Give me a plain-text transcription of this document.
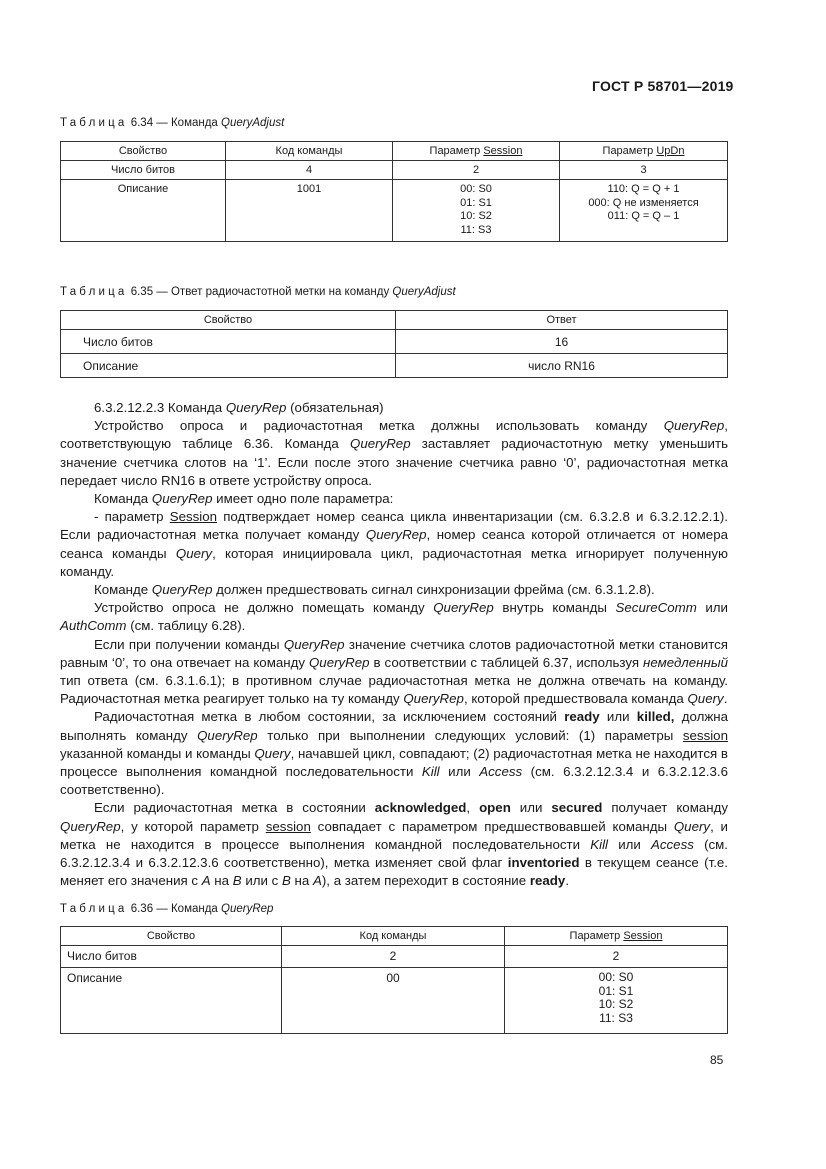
ГОСТ Р 58701—2019
Таблица 6.34 — Команда QueryAdjust
Свойство	Код команды	Параметр Session	Параметр UpDn
Число битов	4	2	3
Описание	1001	00: S0
01: S1
10: S2
11: S3	110: Q = Q + 1
000: Q не изменяется
011: Q = Q – 1
Таблица 6.35 — Ответ радиочастотной метки на команду QueryAdjust
Свойство	Ответ
Число битов	16
Описание	число RN16

6.3.2.12.2.3 Команда QueryRep (обязательная)

Устройство опроса и радиочастотная метка должны использовать команду QueryRep, соответствующую таблице 6.36. Команда QueryRep заставляет радиочастотную метку уменьшить значение счетчика слотов на ‘1’. Если после этого значение счетчика равно ‘0’, радиочастотная метка передает число RN16 в ответе устройству опроса.

Команда QueryRep имеет одно поле параметра:

- параметр Session подтверждает номер сеанса цикла инвентаризации (см. 6.3.2.8 и 6.3.2.12.2.1). Если радиочастотная метка получает команду QueryRep, номер сеанса которой отличается от номера сеанса команды Query, которая инициировала цикл, радиочастотная метка игнорирует полученную команду.

Команде QueryRep должен предшествовать сигнал синхронизации фрейма (см. 6.3.1.2.8).

Устройство опроса не должно помещать команду QueryRep внутрь команды SecureComm или AuthComm (см. таблицу 6.28).

Если при получении команды QueryRep значение счетчика слотов радиочастотной метки становится равным ‘0’, то она отвечает на команду QueryRep в соответствии с таблицей 6.37, используя немедленный тип ответа (см. 6.3.1.6.1); в противном случае радиочастотная метка не должна отвечать на команду. Радиочастотная метка реагирует только на ту команду QueryRep, которой предшествовала команда Query.

Радиочастотная метка в любом состоянии, за исключением состояний ready или killed, должна выполнять команду QueryRep только при выполнении следующих условий: (1) параметры session указанной команды и команды Query, начавшей цикл, совпадают; (2) радиочастотная метка не находится в процессе выполнения командной последовательности Kill или Access (см. 6.3.2.12.3.4 и 6.3.2.12.3.6 соответственно).

Если радиочастотная метка в состоянии acknowledged, open или secured получает команду QueryRep, у которой параметр session совпадает с параметром предшествовавшей команды Query, и метка не находится в процессе выполнения командной последовательности Kill или Access (см. 6.3.2.12.3.4 и 6.3.2.12.3.6 соответственно), метка изменяет свой флаг inventoried в текущем сеансе (т.е. меняет его значения с A на B или с B на A), а затем переходит в состояние ready.

Таблица 6.36 — Команда QueryRep
Свойство	Код команды	Параметр Session
Число битов	2	2
Описание	00	00: S0
01: S1
10: S2
11: S3
85
